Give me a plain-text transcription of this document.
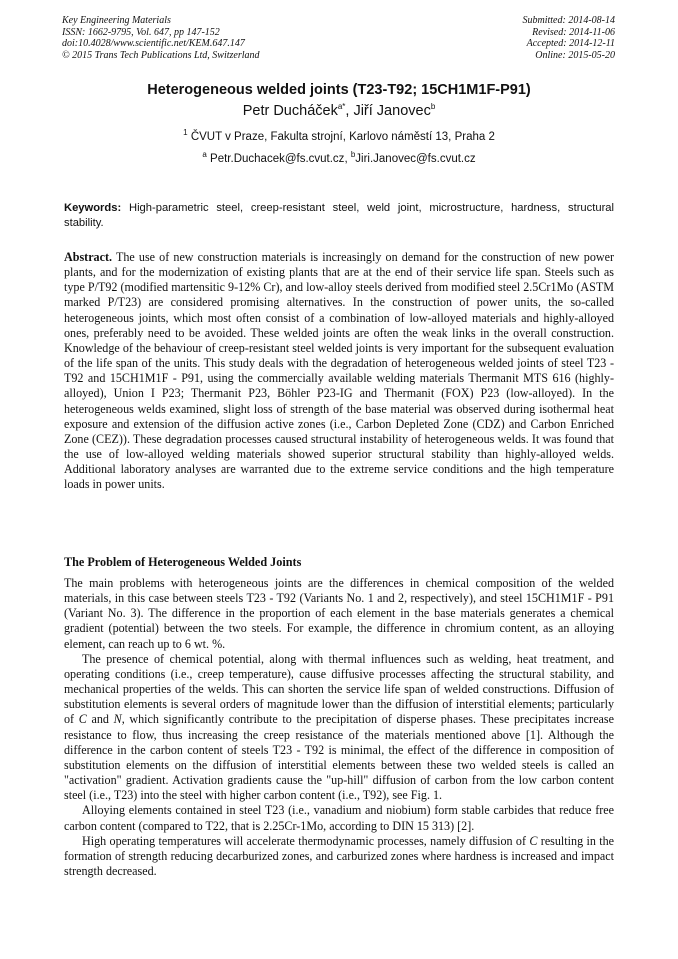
Key Engineering Materials
ISSN: 1662-9795, Vol. 647, pp 147-152
doi:10.4028/www.scientific.net/KEM.647.147
© 2015 Trans Tech Publications Ltd, Switzerland
Submitted: 2014-08-14
Revised: 2014-11-06
Accepted: 2014-12-11
Online: 2015-05-20
Heterogeneous welded joints (T23-T92; 15CH1M1F-P91)
Petr Ducháček$^{a*}$, Jiří Janovec$^b$
$^1$ ČVUT v Praze, Fakulta strojní, Karlovo náměstí 13, Praha 2
$^a$ Petr.Duchacek@fs.cvut.cz, $^b$Jiri.Janovec@fs.cvut.cz
Keywords: High-parametric steel, creep-resistant steel, weld joint, microstructure, hardness, structural stability.
Abstract. The use of new construction materials is increasingly on demand for the construction of new power plants, and for the modernization of existing plants that are at the end of their service life span. Steels such as type P/T92 (modified martensitic 9-12% Cr), and low-alloy steels derived from modified steel 2.5Cr1Mo (ASTM marked P/T23) are considered promising alternatives. In the construction of power units, the so-called heterogeneous joints, which most often consist of a combination of low-alloyed materials and highly-alloyed ones, preferably need to be avoided. These welded joints are often the weak links in the overall construction. Knowledge of the behaviour of creep-resistant steel welded joints is very important for the subsequent evaluation of the life span of the units. This study deals with the degradation of heterogeneous welded joints of steel T23 - T92 and 15CH1M1F - P91, using the commercially available welding materials Thermanit MTS 616 (highly-alloyed), Union I P23; Thermanit P23, Böhler P23-IG and Thermanit (FOX) P23 (low-alloyed). In the heterogeneous welds examined, slight loss of strength of the base material was observed during isothermal heat exposure and extension of the diffusion active zones (i.e., Carbon Depleted Zone (CDZ) and Carbon Enriched Zone (CEZ)). These degradation processes caused structural instability of heterogeneous welds. It was found that the use of low-alloyed welding materials showed superior structural stability than highly-alloyed welds. Additional laboratory analyses are warranted due to the extreme service conditions and the high temperature loads in power units.
The Problem of Heterogeneous Welded Joints

The main problems with heterogeneous joints are the differences in chemical composition of the welded materials, in this case between steels T23 - T92 (Variants No. 1 and 2, respectively), and steel 15CH1M1F - P91 (Variant No. 3). The difference in the proportion of each element in the base materials generates a chemical gradient (potential) between the two steels. For example, the difference in chromium content, as an alloying element, can reach up to 6 wt. %.

The presence of chemical potential, along with thermal influences such as welding, heat treatment, and operating conditions (i.e., creep temperature), cause diffusive processes affecting the structural stability, and mechanical properties of the welds. This can shorten the service life span of welded constructions. Diffusion of substitution elements is several orders of magnitude lower than the diffusion of interstitial elements; particularly of C and N, which significantly contribute to the precipitation of disperse phases. These precipitates increase resistance to flow, thus increasing the creep resistance of the materials mentioned above [1]. Although the difference in the carbon content of steels T23 - T92 is minimal, the effect of the difference in composition of substitution elements on the diffusion of interstitial elements between these two welded steels is called an "activation" gradient. Activation gradients cause the "up-hill" diffusion of carbon from the low carbon content steel (i.e., T23) into the steel with higher carbon content (i.e., T92), see Fig. 1.

Alloying elements contained in steel T23 (i.e., vanadium and niobium) form stable carbides that reduce free carbon content (compared to T22, that is 2.25Cr-1Mo, according to DIN 15 313) [2].

High operating temperatures will accelerate thermodynamic processes, namely diffusion of C resulting in the formation of strength reducing decarburized zones, and carburized zones where hardness is increased and impact strength decreased.
